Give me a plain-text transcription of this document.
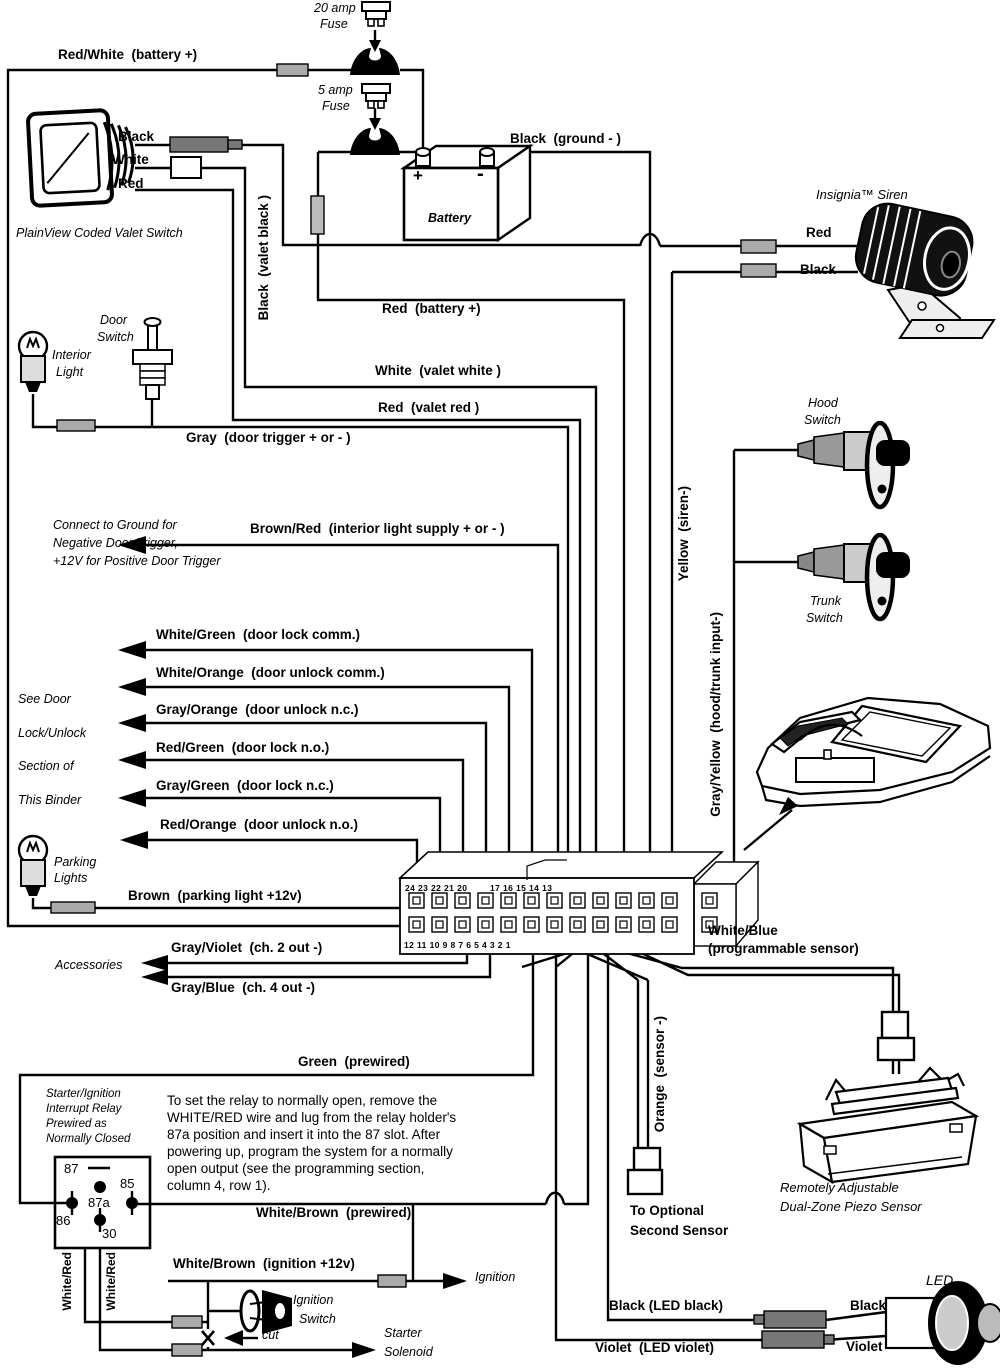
20 amp
Fuse
5 amp
Fuse
Red/White  (battery +)
Black
White
Red
PlainView Coded Valet Switch
Black  (ground - )
+	-
Battery
Insignia™ Siren
Red
Black
Red  (battery +)
White  (valet white )
Red  (valet red )
Gray  (door trigger + or - )
Black  (valet black )
Door
Switch
Interior
Light
Connect to Ground for
Negative Door Trigger,
+12V for Positive Door Trigger
Brown/Red  (interior light supply + or - )
White/Green  (door lock comm.)
White/Orange  (door unlock comm.)
Gray/Orange  (door unlock n.c.)
Red/Green  (door lock n.o.)
Gray/Green  (door lock n.c.)
Red/Orange  (door unlock n.o.)
See Door
Lock/Unlock
Section of
This Binder
Parking
Lights
Brown  (parking light +12v)
Accessories
Gray/Violet  (ch. 2 out -)
Gray/Blue  (ch. 4 out -)
24 23 22 21 20	17 16 15 14 13
12 11 10 9 8 7 6 5 4 3 2 1
White/Blue
(programmable sensor)
Yellow  (siren-)
Gray/Yellow  (hood/trunk input-)
Hood
Switch
Trunk
Switch
Orange  (sensor -)
To Optional
Second Sensor
Remotely Adjustable
Dual-Zone Piezo Sensor
Green  (prewired)
Starter/Ignition
Interrupt Relay
Prewired as
Normally Closed
To set the relay to normally open, remove the
WHITE/RED wire and lug from the relay holder's
87a position and insert it into the 87 slot. After
powering up, program the system for a normally
open output (see the programming section,
column 4, row 1).
87
85
87a
86
30
White/Brown  (prewired)
White/Brown  (ignition +12v)
White/Red	White/Red	Ignition
Ignition
Switch
cut	Starter
Solenoid
Black (LED black)
Violet  (LED violet)
LED
Black
Violet
